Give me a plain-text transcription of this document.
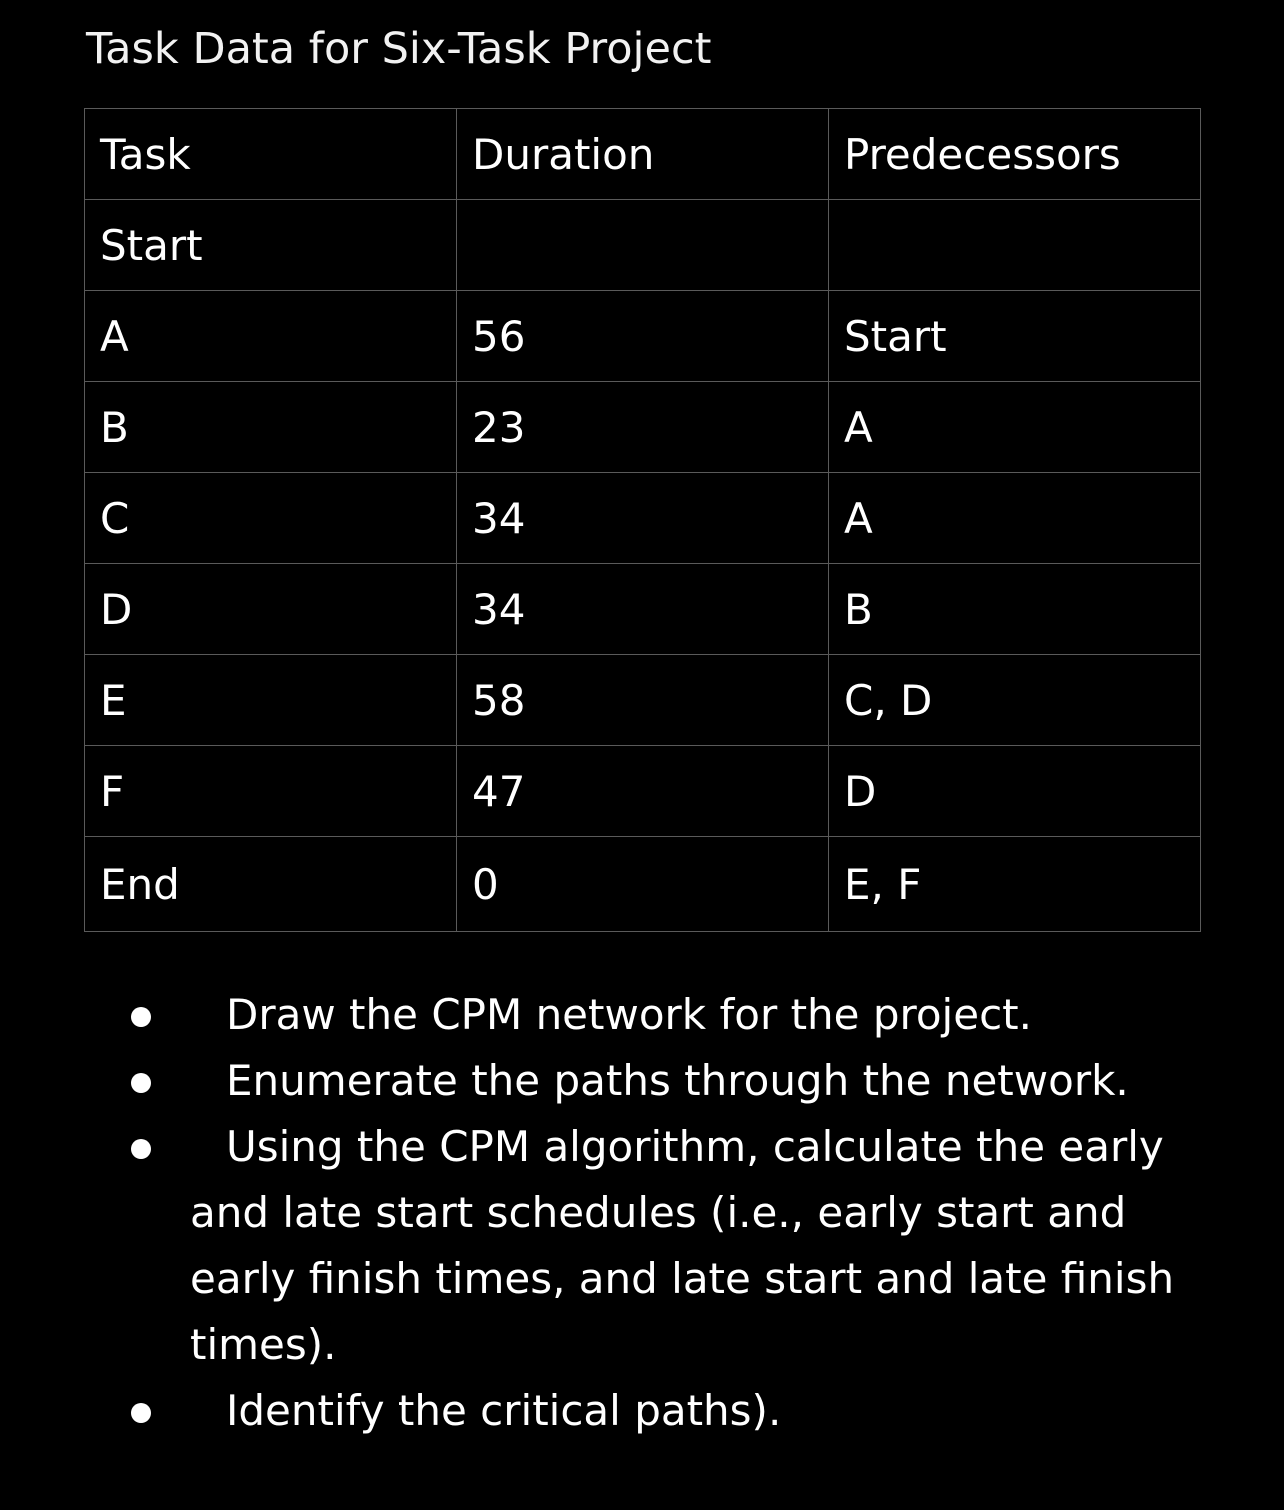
Task Data for Six-Task Project
Task	Duration	Predecessors
Start		
A	56	Start
B	23	A
C	34	A
D	34	B
E	58	C, D
F	47	D
End	0	E, F
Draw the CPM network for the project.
Enumerate the paths through the network.
Using the CPM algorithm, calculate the early and late start schedules (i.e., early start and early finish times, and late start and late finish times).
Identify the critical paths).
